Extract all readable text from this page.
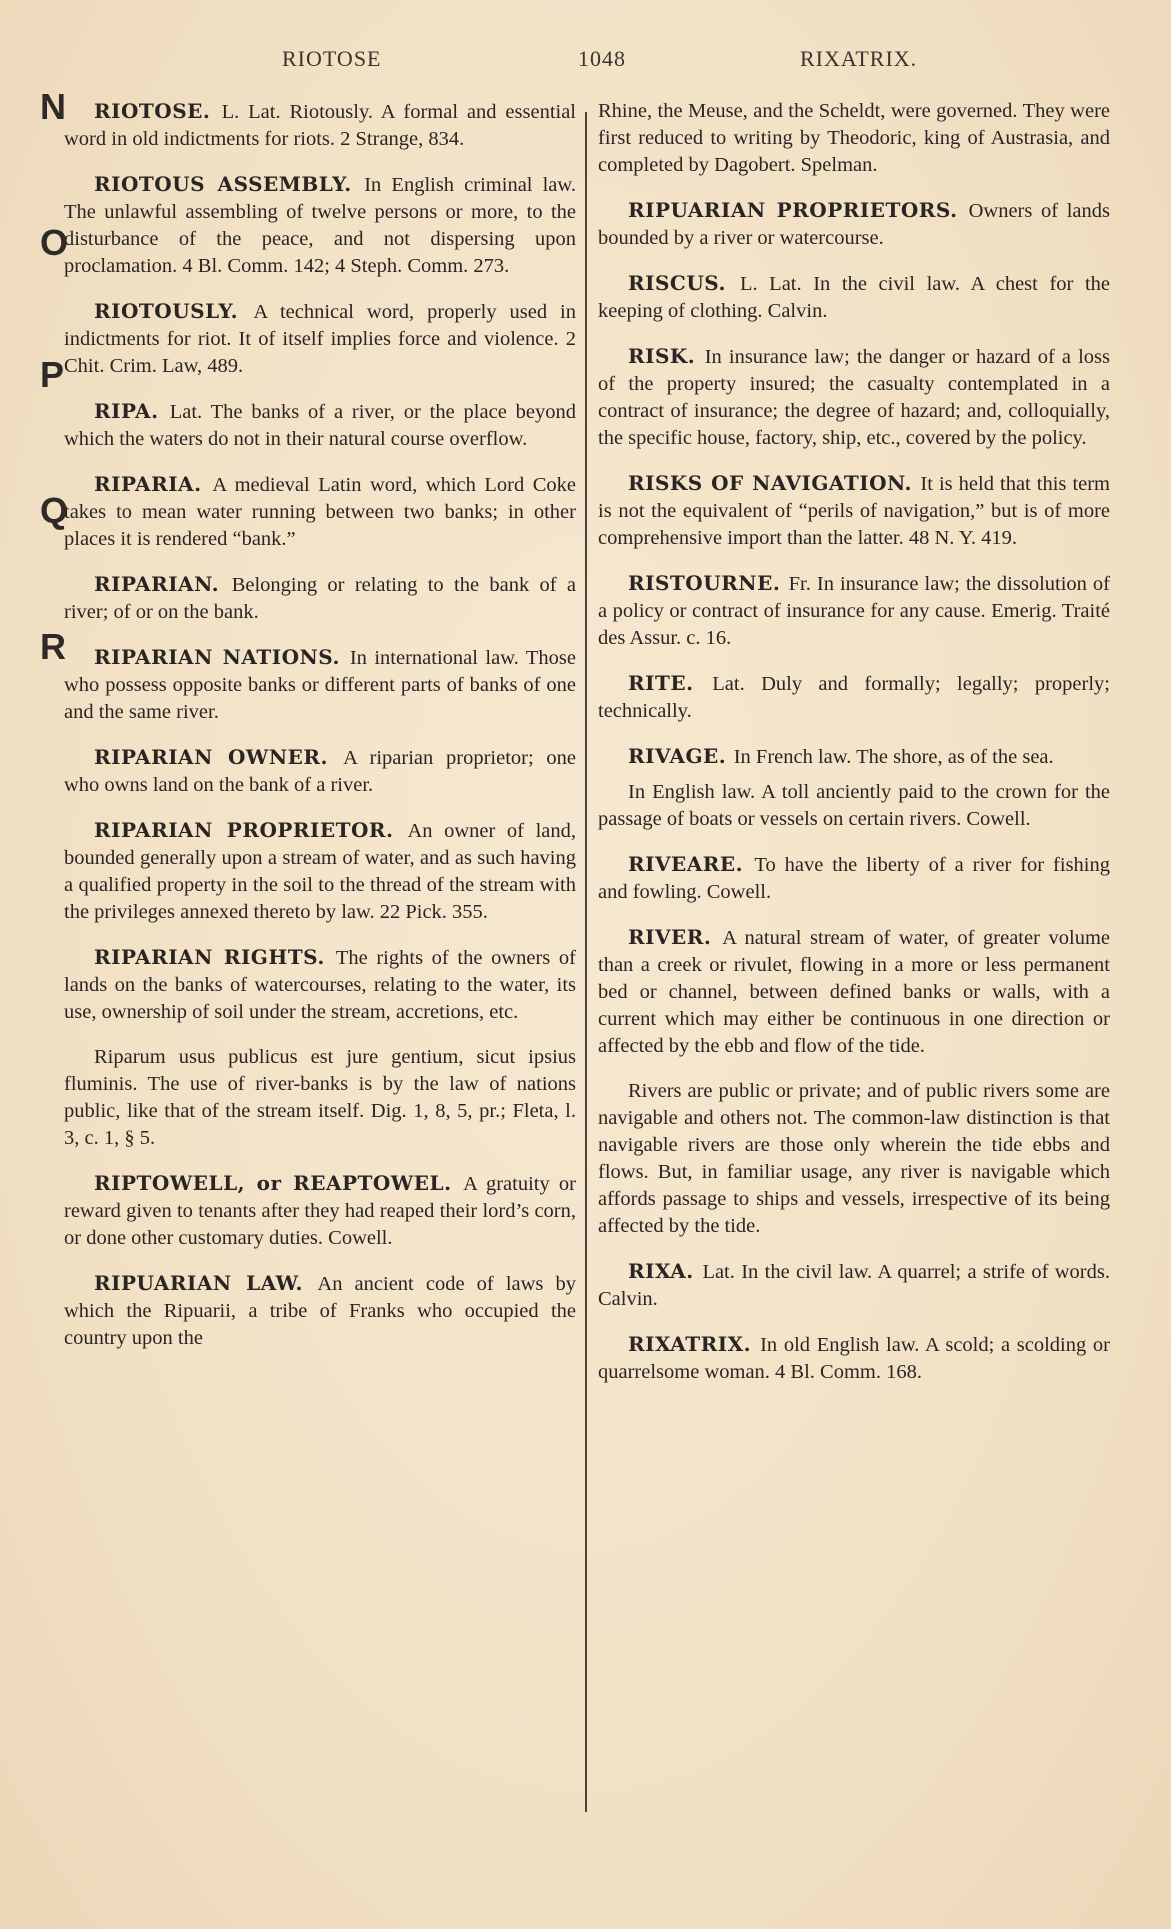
RIOTOSE	1048	RIXATRIX.
N
O
P
Q
R

RIOTOSE. L. Lat. Riotously. A formal and essential word in old indictments for riots. 2 Strange, 834.

RIOTOUS ASSEMBLY. In English criminal law. The unlawful assembling of twelve persons or more, to the disturbance of the peace, and not dispersing upon proclamation. 4 Bl. Comm. 142; 4 Steph. Comm. 273.

RIOTOUSLY. A technical word, properly used in indictments for riot. It of itself implies force and violence. 2 Chit. Crim. Law, 489.

RIPA. Lat. The banks of a river, or the place beyond which the waters do not in their natural course overflow.

RIPARIA. A medieval Latin word, which Lord Coke takes to mean water running between two banks; in other places it is rendered “bank.”

RIPARIAN. Belonging or relating to the bank of a river; of or on the bank.

RIPARIAN NATIONS. In international law. Those who possess opposite banks or different parts of banks of one and the same river.

RIPARIAN OWNER. A riparian proprietor; one who owns land on the bank of a river.

RIPARIAN PROPRIETOR. An owner of land, bounded generally upon a stream of water, and as such having a qualified property in the soil to the thread of the stream with the privileges annexed thereto by law. 22 Pick. 355.

RIPARIAN RIGHTS. The rights of the owners of lands on the banks of watercourses, relating to the water, its use, ownership of soil under the stream, accretions, etc.

Riparum usus publicus est jure gentium, sicut ipsius fluminis. The use of river-banks is by the law of nations public, like that of the stream itself. Dig. 1, 8, 5, pr.; Fleta, l. 3, c. 1, § 5.

RIPTOWELL, or REAPTOWEL. A gratuity or reward given to tenants after they had reaped their lord’s corn, or done other customary duties. Cowell.

RIPUARIAN LAW. An ancient code of laws by which the Ripuarii, a tribe of Franks who occupied the country upon the

Rhine, the Meuse, and the Scheldt, were governed. They were first reduced to writing by Theodoric, king of Austrasia, and completed by Dagobert. Spelman.

RIPUARIAN PROPRIETORS. Owners of lands bounded by a river or watercourse.

RISCUS. L. Lat. In the civil law. A chest for the keeping of clothing. Calvin.

RISK. In insurance law; the danger or hazard of a loss of the property insured; the casualty contemplated in a contract of insurance; the degree of hazard; and, colloquially, the specific house, factory, ship, etc., covered by the policy.

RISKS OF NAVIGATION. It is held that this term is not the equivalent of “perils of navigation,” but is of more comprehensive import than the latter. 48 N. Y. 419.

RISTOURNE. Fr. In insurance law; the dissolution of a policy or contract of insurance for any cause. Emerig. Traité des Assur. c. 16.

RITE. Lat. Duly and formally; legally; properly; technically.

RIVAGE. In French law. The shore, as of the sea.

In English law. A toll anciently paid to the crown for the passage of boats or vessels on certain rivers. Cowell.

RIVEARE. To have the liberty of a river for fishing and fowling. Cowell.

RIVER. A natural stream of water, of greater volume than a creek or rivulet, flowing in a more or less permanent bed or channel, between defined banks or walls, with a current which may either be continuous in one direction or affected by the ebb and flow of the tide.

Rivers are public or private; and of public rivers some are navigable and others not. The common-law distinction is that navigable rivers are those only wherein the tide ebbs and flows. But, in familiar usage, any river is navigable which affords passage to ships and vessels, irrespective of its being affected by the tide.

RIXA. Lat. In the civil law. A quarrel; a strife of words. Calvin.

RIXATRIX. In old English law. A scold; a scolding or quarrelsome woman. 4 Bl. Comm. 168.
